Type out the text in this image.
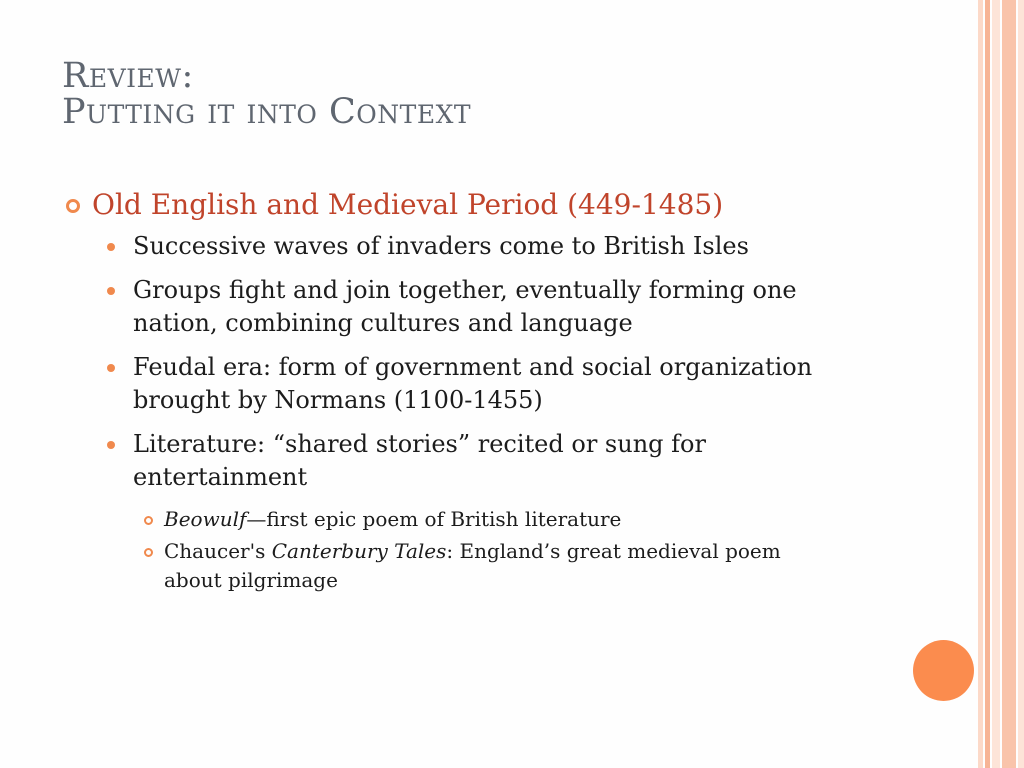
Review:
Putting it into Context
Old English and Medieval Period (449-1485)
Successive waves of invaders come to British Isles
Groups fight and join together, eventually forming one nation, combining cultures and language
Feudal era: form of government and social organization brought by Normans (1100-1455)
Literature: “shared stories” recited or sung for entertainment
Beowulf—first epic poem of British literature
Chaucer's Canterbury Tales: England’s great medieval poem about pilgrimage
